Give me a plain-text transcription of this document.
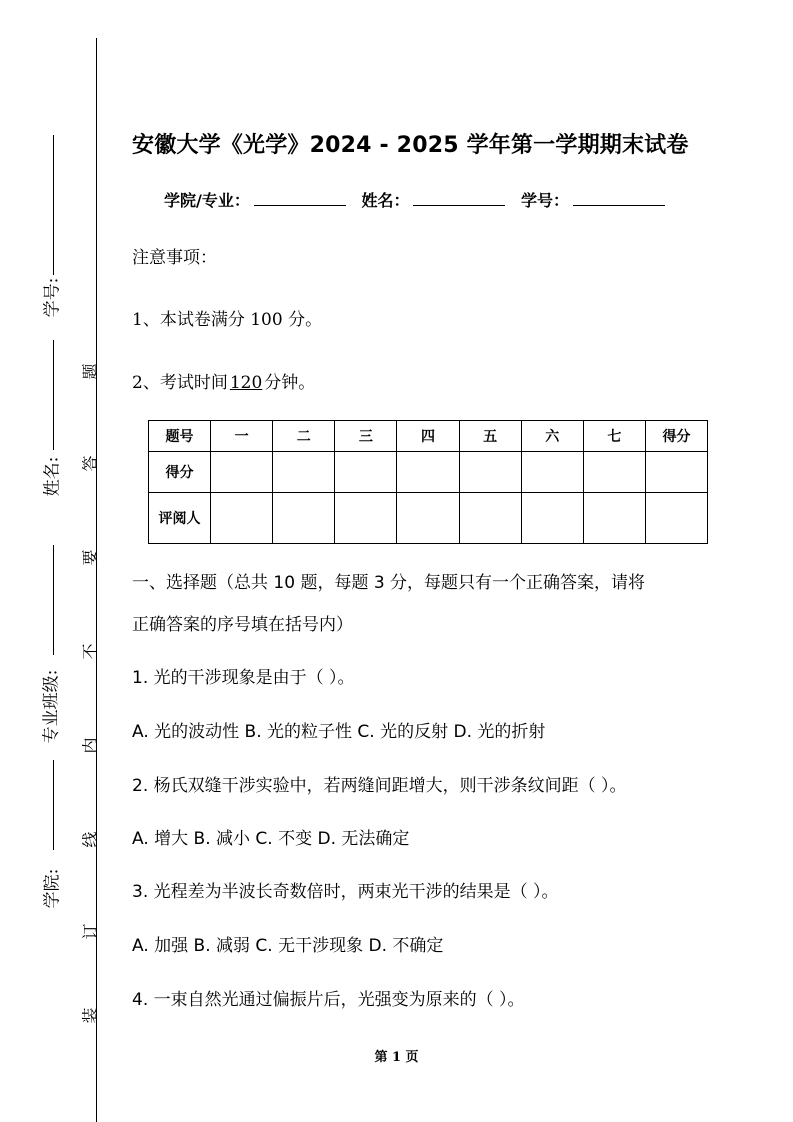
学号:
姓名:
专业班级:
学院:
题
答
要
不
内
线
订
装
安徽大学《光学》2024 - 2025 学年第一学期期末试卷
学院/专业：	姓名：	学号：
注意事项：
1、本试卷满分 100 分。
2、考试时间 120 分钟。
题号	一	二	三	四	五	六	七	得分
得分								
评阅人								
一、选择题（总共 10 题，每题 3 分，每题只有一个正确答案，请将
正确答案的序号填在括号内）
1. 光的干涉现象是由于（ ）。
A. 光的波动性 B. 光的粒子性 C. 光的反射 D. 光的折射
2. 杨氏双缝干涉实验中，若两缝间距增大，则干涉条纹间距（ ）。
A. 增大 B. 减小 C. 不变 D. 无法确定
3. 光程差为半波长奇数倍时，两束光干涉的结果是（ ）。
A. 加强 B. 减弱 C. 无干涉现象 D. 不确定
4. 一束自然光通过偏振片后，光强变为原来的（ ）。
第 1 页
